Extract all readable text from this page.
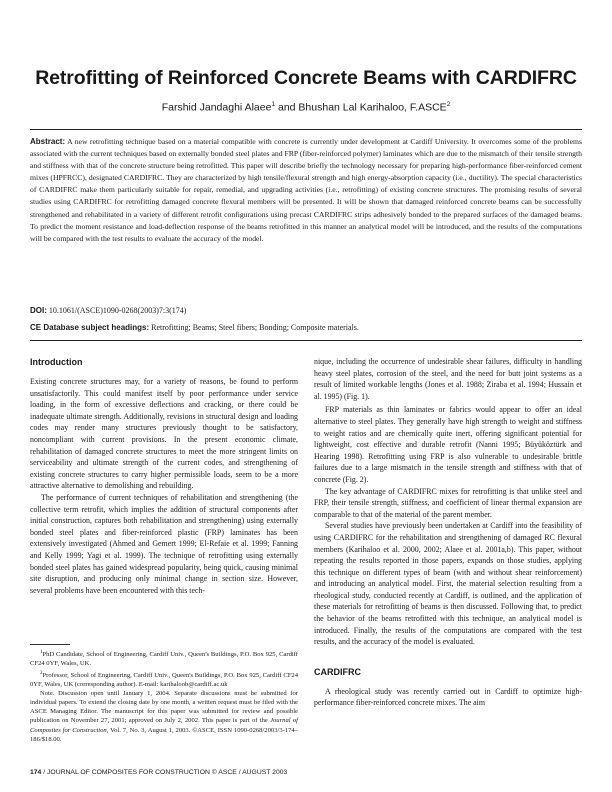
Retrofitting of Reinforced Concrete Beams with CARDIFRC
Farshid Jandaghi Alaee$^1$ and Bhushan Lal Karihaloo, F.ASCE$^2$
Abstract: A new retrofitting technique based on a material compatible with concrete is currently under development at Cardiff University. It overcomes some of the problems associated with the current techniques based on externally bonded steel plates and FRP (fiber-reinforced polymer) laminates which are due to the mismatch of their tensile strength and stiffness with that of the concrete structure being retrofitted. This paper will describe briefly the technology necessary for preparing high-performance fiber-reinforced cement mixes (HPFRCC), designated CARDIFRC. They are characterized by high tensile/flexural strength and high energy-absorption capacity (i.e., ductility). The special characteristics of CARDIFRC make them particularly suitable for repair, remedial, and upgrading activities (i.e., retrofitting) of existing concrete structures. The promising results of several studies using CARDIFRC for retrofitting damaged concrete flexural members will be presented. It will be shown that damaged reinforced concrete beams can be successfully strengthened and rehabilitated in a variety of different retrofit configurations using precast CARDIFRC strips adhesively bonded to the prepared surfaces of the damaged beams. To predict the moment resistance and load-deflection response of the beams retrofitted in this manner an analytical model will be introduced, and the results of the computations will be compared with the test results to evaluate the accuracy of the model.
DOI: 10.1061/(ASCE)1090-0268(2003)7:3(174)
CE Database subject headings: Retrofitting; Beams; Steel fibers; Bonding; Composite materials.
Introduction

Existing concrete structures may, for a variety of reasons, be found to perform unsatisfactorily. This could manifest itself by poor performance under service loading, in the form of excessive deflections and cracking, or there could be inadequate ultimate strength. Additionally, revisions in structural design and loading codes may render many structures previously thought to be satisfactory, noncompliant with current provisions. In the present economic climate, rehabilitation of damaged concrete structures to meet the more stringent limits on serviceability and ultimate strength of the current codes, and strengthening of existing concrete structures to carry higher permissible loads, seem to be a more attractive alternative to demolishing and rebuilding.

The performance of current techniques of rehabilitation and strengthening (the collective term retrofit, which implies the addition of structural components after initial construction, captures both rehabilitation and strengthening) using externally bonded steel plates and fiber-reinforced plastic (FRP) laminates has been extensively investigated (Ahmed and Gemert 1999; El-Refaie et al. 1999; Fanning and Kelly 1999; Yagi et al. 1999). The technique of retrofitting using externally bonded steel plates has gained widespread popularity, being quick, causing minimal site disruption, and producing only minimal change in section size. However, several problems have been encountered with this tech-

$^1$PhD Candidate, School of Engineering, Cardiff Univ., Queen's Buildings, P.O. Box 925, Cardiff CF24 0YF, Wales, UK.

$^2$Professor, School of Engineering, Cardiff Univ., Queen's Buildings, P.O. Box 925, Cardiff CF24 0YF, Wales, UK (corresponding author). E-mail: karihaloob@cardiff.ac.uk

Note. Discussion open until January 1, 2004. Separate discussions must be submitted for individual papers. To extend the closing date by one month, a written request must be filed with the ASCE Managing Editor. The manuscript for this paper was submitted for review and possible publication on November 27, 2001; approved on July 2, 2002. This paper is part of the Journal of Composites for Construction, Vol. 7, No. 3, August 1, 2003. ©ASCE, ISSN 1090-0268/2003/3-174–186/$18.00.

nique, including the occurrence of undesirable shear failures, difficulty in handling heavy steel plates, corrosion of the steel, and the need for butt joint systems as a result of limited workable lengths (Jones et al. 1988; Ziraba et al. 1994; Hussain et al. 1995) (Fig. 1).

FRP materials as thin laminates or fabrics would appear to offer an ideal alternative to steel plates. They generally have high strength to weight and stiffness to weight ratios and are chemically quite inert, offering significant potential for lightweight, cost effective and durable retrofit (Nanni 1995; Büyüköztürk and Hearing 1998). Retrofitting using FRP is also vulnerable to undesirable brittle failures due to a large mismatch in the tensile strength and stiffness with that of concrete (Fig. 2).

The key advantage of CARDIFRC mixes for retrofitting is that unlike steel and FRP, their tensile strength, stiffness, and coefficient of linear thermal expansion are comparable to that of the material of the parent member.

Several studies have previously been undertaken at Cardiff into the feasibility of using CARDIFRC for the rehabilitation and strengthening of damaged RC flexural members (Karihaloo et al. 2000, 2002; Alaee et al. 2001a,b). This paper, without repeating the results reported in those papers, expands on those studies, applying this technique on different types of beam (with and without shear reinforcement) and introducing an analytical model. First, the material selection resulting from a rheological study, conducted recently at Cardiff, is outlined, and the application of these materials for retrofitting of beams is then discussed. Following that, to predict the behavior of the beams retrofitted with this technique, an analytical model is introduced. Finally, the results of the computations are compared with the test results, and the accuracy of the model is evaluated.

CARDIFRC

A rheological study was recently carried out in Cardiff to optimize high-performance fiber-reinforced concrete mixes. The aim

174 / JOURNAL OF COMPOSITES FOR CONSTRUCTION © ASCE / AUGUST 2003
